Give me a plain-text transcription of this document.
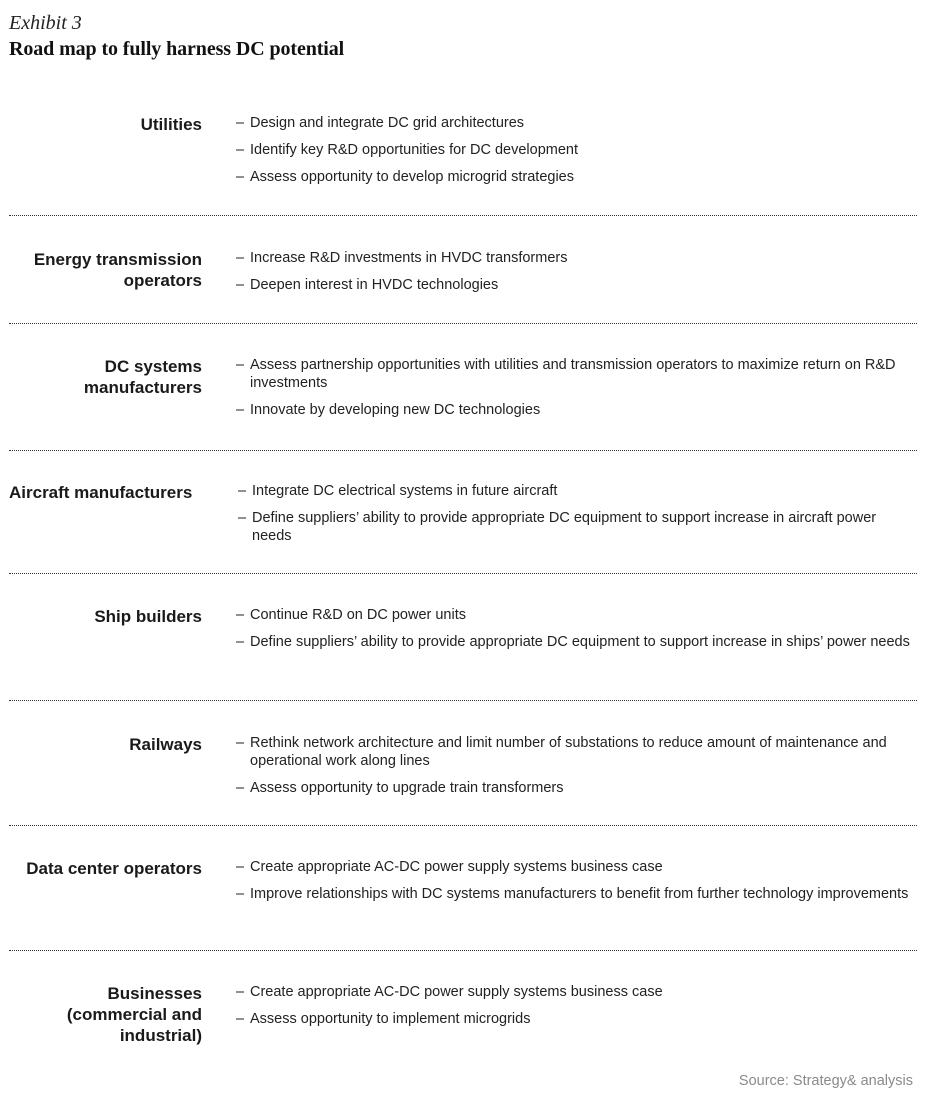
Exhibit 3
Road map to fully harness DC potential
Utilities – Design and integrate DC grid architectures
– Identify key R&D opportunities for DC development
– Assess opportunity to develop microgrid strategies
Energy transmission
operators
– Increase R&D investments in HVDC transformers
– Deepen interest in HVDC technologies
DC systems
manufacturers
– Assess partnership opportunities with utilities and transmission operators to maximize return on R&D investments
– Innovate by developing new DC technologies
Aircraft manufacturers	– Integrate DC electrical systems in future aircraft
– Define suppliers’ ability to provide appropriate DC equipment to support increase in aircraft power needs
Ship builders – Continue R&D on DC power units
– Define suppliers’ ability to provide appropriate DC equipment to support increase in ships’ power needs
Railways – Rethink network architecture and limit number of substations to reduce amount of maintenance and operational work along lines
– Assess opportunity to upgrade train transformers
Data center operators – Create appropriate AC-DC power supply systems business case
– Improve relationships with DC systems manufacturers to benefit from further technology improvements
Businesses
(commercial and
industrial)
– Create appropriate AC-DC power supply systems business case
– Assess opportunity to implement microgrids
Source: Strategy& analysis
